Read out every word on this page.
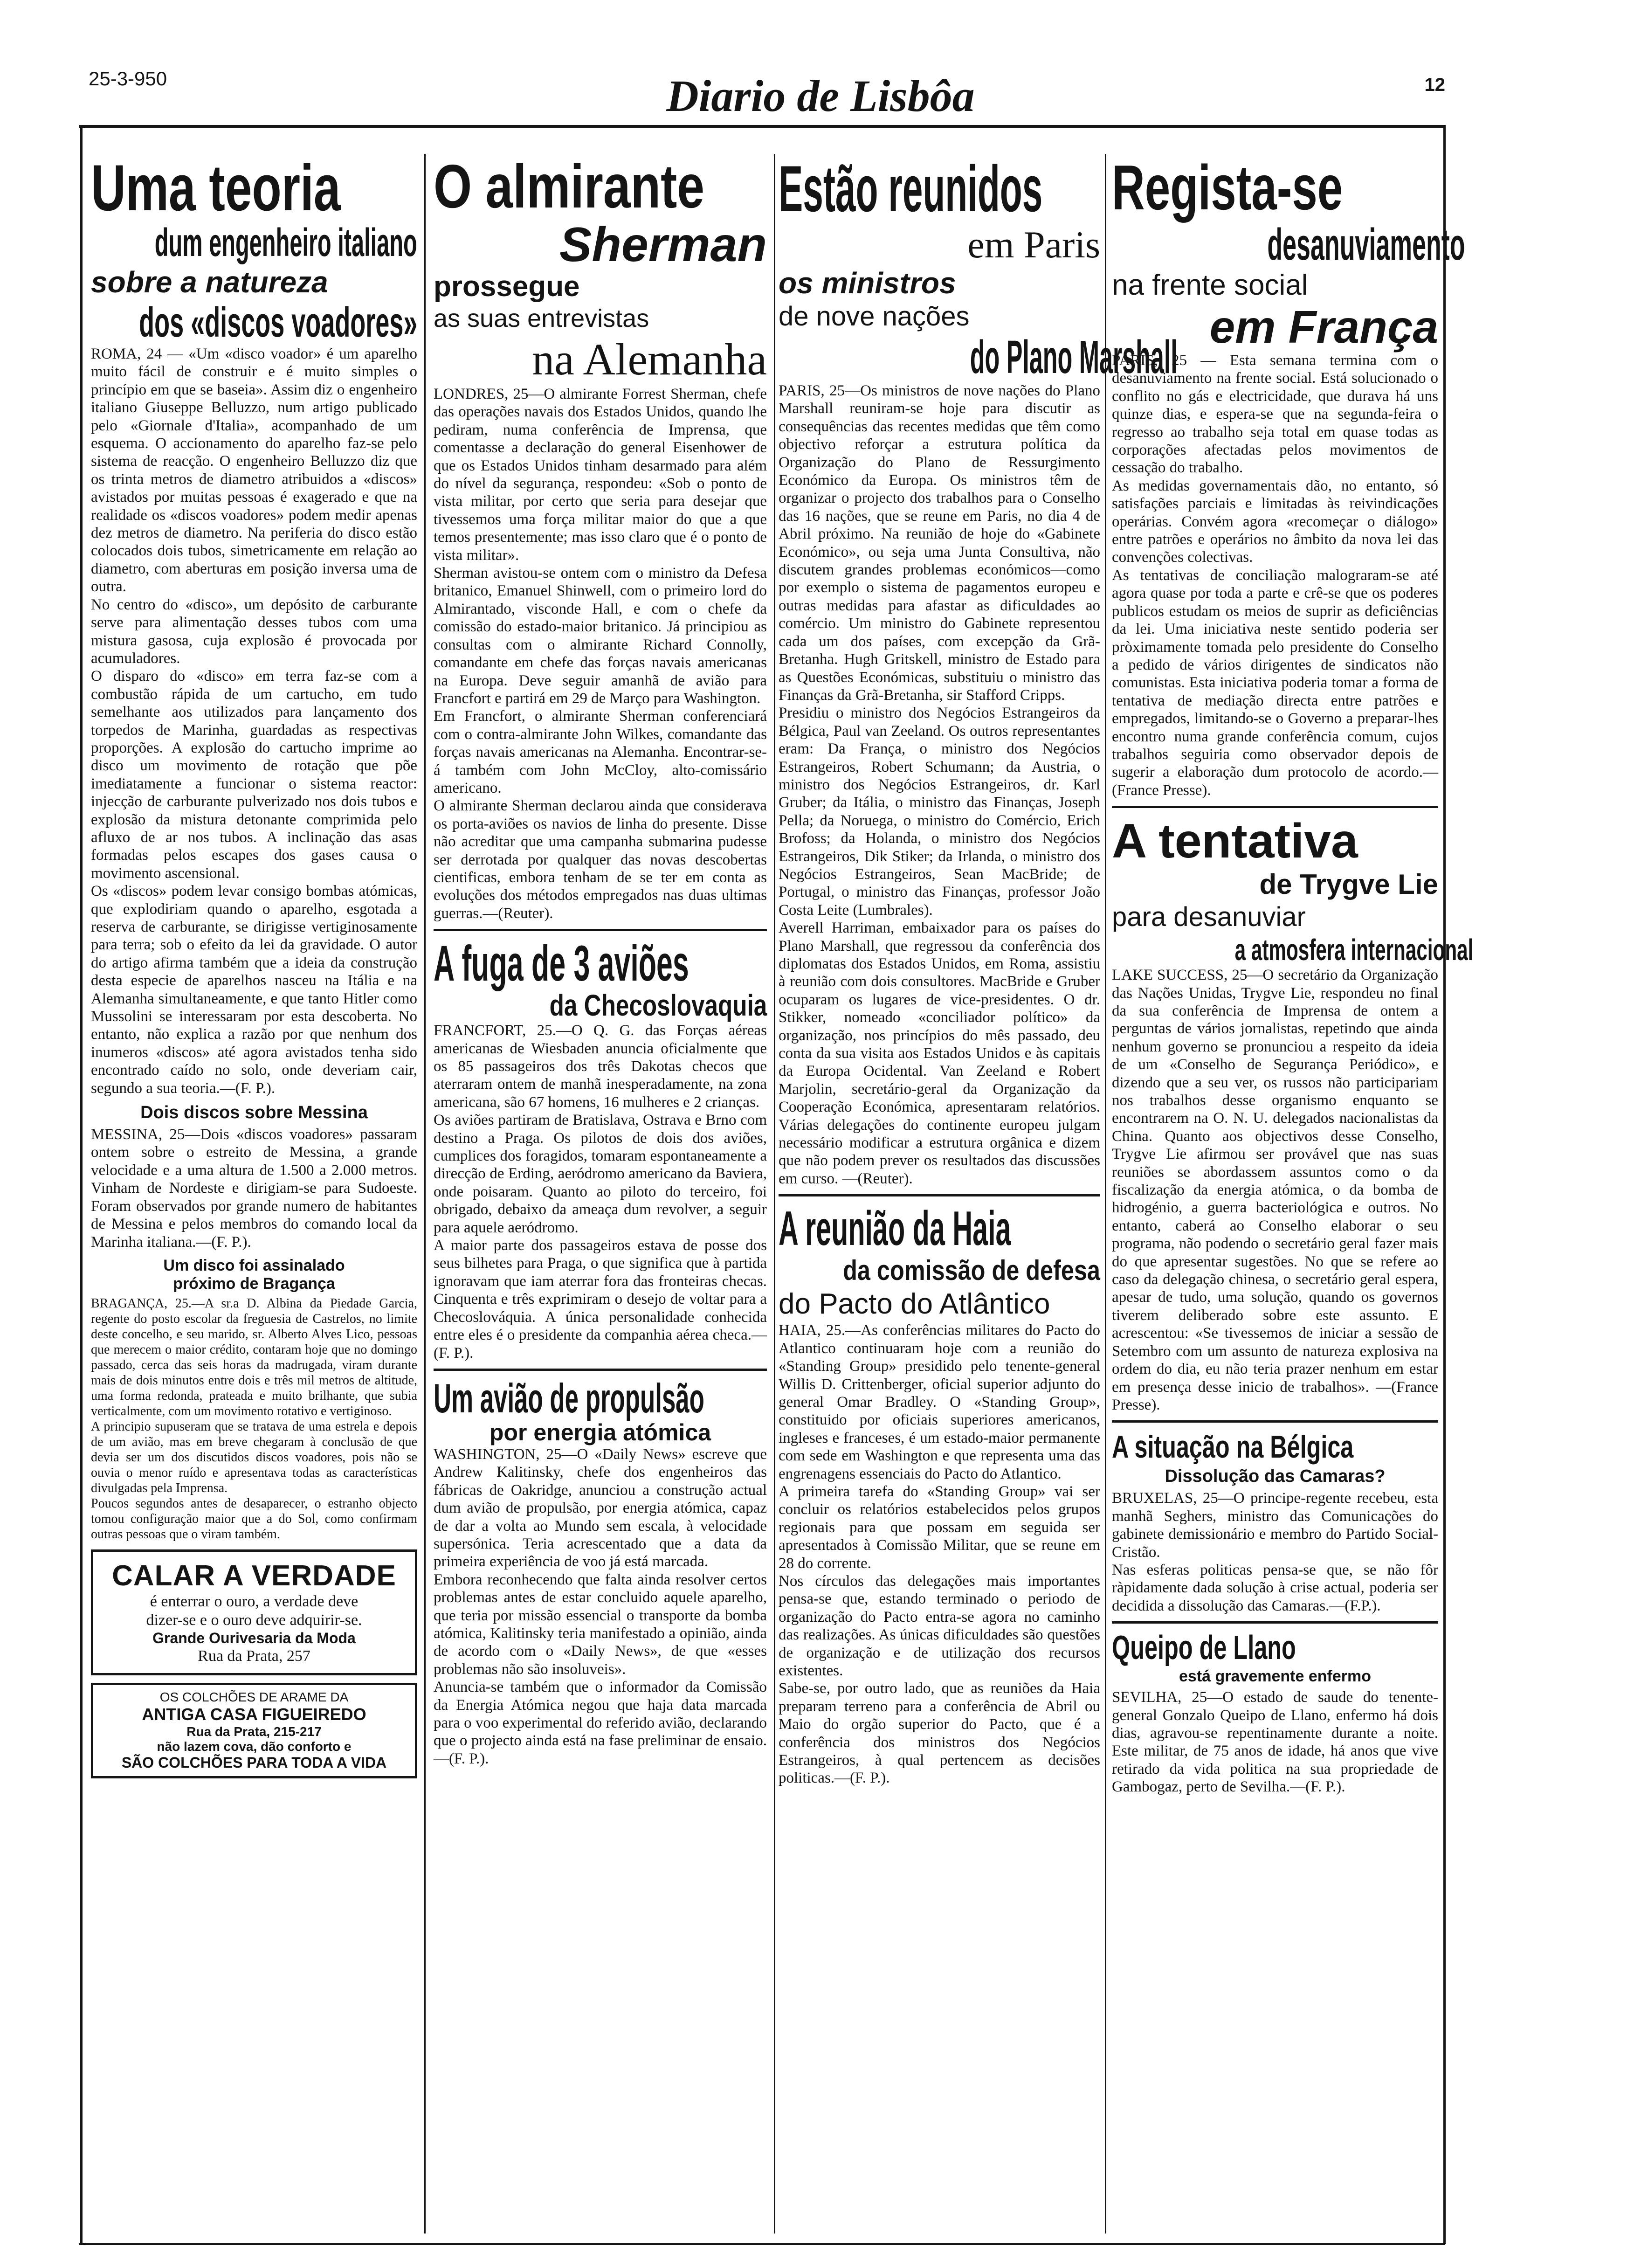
25-3-950	Diario de Lisbôa	12
Uma teoria
dum engenheiro italiano
sobre a natureza
dos «discos voadores»

ROMA, 24 — «Um «disco voador» é um aparelho muito fácil de construir e é muito simples o princípio em que se baseia». Assim diz o engenheiro italiano Giuseppe Belluzzo, num artigo publicado pelo «Giornale d'Italia», acompanhado de um esquema. O accionamento do aparelho faz-se pelo sistema de reacção. O engenheiro Belluzzo diz que os trinta metros de diametro atribuidos a «discos» avistados por muitas pessoas é exagerado e que na realidade os «discos voadores» podem medir apenas dez metros de diametro. Na periferia do disco estão colocados dois tubos, simetricamente em relação ao diametro, com aberturas em posição inversa uma de outra.
No centro do «disco», um depósito de carburante serve para alimentação desses tubos com uma mistura gasosa, cuja explosão é provocada por acumuladores.
O disparo do «disco» em terra faz-se com a combustão rápida de um cartucho, em tudo semelhante aos utilizados para lançamento dos torpedos de Marinha, guardadas as respectivas proporções. A explosão do cartucho imprime ao disco um movimento de rotação que põe imediatamente a funcionar o sistema reactor: injecção de carburante pulverizado nos dois tubos e explosão da mistura detonante comprimida pelo afluxo de ar nos tubos. A inclinação das asas formadas pelos escapes dos gases causa o movimento ascensional.
Os «discos» podem levar consigo bombas atómicas, que explodiriam quando o aparelho, esgotada a reserva de carburante, se dirigisse vertiginosamente para terra; sob o efeito da lei da gravidade. O autor do artigo afirma também que a ideia da construção desta especie de aparelhos nasceu na Itália e na Alemanha simultaneamente, e que tanto Hitler como Mussolini se interessaram por esta descoberta. No entanto, não explica a razão por que nenhum dos inumeros «discos» até agora avistados tenha sido encontrado caído no solo, onde deveriam cair, segundo a sua teoria.—(F. P.).

Dois discos sobre Messina

MESSINA, 25—Dois «discos voadores» passaram ontem sobre o estreito de Messina, a grande velocidade e a uma altura de 1.500 a 2.000 metros. Vinham de Nordeste e dirigiam-se para Sudoeste. Foram observados por grande numero de habitantes de Messina e pelos membros do comando local da Marinha italiana.—(F. P.).

Um disco foi assinalado
próximo de Bragança

BRAGANÇA, 25.—A sr.a D. Albina da Piedade Garcia, regente do posto escolar da freguesia de Castrelos, no limite deste concelho, e seu marido, sr. Alberto Alves Lico, pessoas que merecem o maior crédito, contaram hoje que no domingo passado, cerca das seis horas da madrugada, viram durante mais de dois minutos entre dois e três mil metros de altitude, uma forma redonda, prateada e muito brilhante, que subia verticalmente, com um movimento rotativo e vertiginoso.
A principio supuseram que se tratava de uma estrela e depois de um avião, mas em breve chegaram à conclusão de que devia ser um dos discutidos discos voadores, pois não se ouvia o menor ruído e apresentava todas as características divulgadas pela Imprensa.
Poucos segundos antes de desaparecer, o estranho objecto tomou configuração maior que a do Sol, como confirmam outras pessoas que o viram também.

CALAR A VERDADE
é enterrar o ouro, a verdade deve
dizer-se e o ouro deve adquirir-se.
Grande Ourivesaria da Moda
Rua da Prata, 257
OS COLCHÕES DE ARAME DA
ANTIGA CASA FIGUEIREDO
Rua da Prata, 215-217
não lazem cova, dão conforto e
SÃO COLCHÕES PARA TODA A VIDA
O almirante
Sherman
prossegue
as suas entrevistas
na Alemanha

LONDRES, 25—O almirante Forrest Sherman, chefe das operações navais dos Estados Unidos, quando lhe pediram, numa conferência de Imprensa, que comentasse a declaração do general Eisenhower de que os Estados Unidos tinham desarmado para além do nível da segurança, respondeu: «Sob o ponto de vista militar, por certo que seria para desejar que tivessemos uma força militar maior do que a que temos presentemente; mas isso claro que é o ponto de vista militar».
Sherman avistou-se ontem com o ministro da Defesa britanico, Emanuel Shinwell, com o primeiro lord do Almirantado, visconde Hall, e com o chefe da comissão do estado-maior britanico. Já principiou as consultas com o almirante Richard Connolly, comandante em chefe das forças navais americanas na Europa. Deve seguir amanhã de avião para Francfort e partirá em 29 de Março para Washington.
Em Francfort, o almirante Sherman conferenciará com o contra-almirante John Wilkes, comandante das forças navais americanas na Alemanha. Encontrar-se-á também com John McCloy, alto-comissário americano.
O almirante Sherman declarou ainda que considerava os porta-aviões os navios de linha do presente. Disse não acreditar que uma campanha submarina pudesse ser derrotada por qualquer das novas descobertas cientificas, embora tenham de se ter em conta as evoluções dos métodos empregados nas duas ultimas guerras.—(Reuter).

A fuga de 3 aviões
da Checoslovaquia

FRANCFORT, 25.—O Q. G. das Forças aéreas americanas de Wiesbaden anuncia oficialmente que os 85 passageiros dos três Dakotas checos que aterraram ontem de manhã inesperadamente, na zona americana, são 67 homens, 16 mulheres e 2 crianças.
Os aviões partiram de Bratislava, Ostrava e Brno com destino a Praga. Os pilotos de dois dos aviões, cumplices dos foragidos, tomaram espontaneamente a direcção de Erding, aeródromo americano da Baviera, onde poisaram. Quanto ao piloto do terceiro, foi obrigado, debaixo da ameaça dum revolver, a seguir para aquele aeródromo.
A maior parte dos passageiros estava de posse dos seus bilhetes para Praga, o que significa que à partida ignoravam que iam aterrar fora das fronteiras checas. Cinquenta e três exprimiram o desejo de voltar para a Checoslováquia. A única personalidade conhecida entre eles é o presidente da companhia aérea checa.—(F. P.).

Um avião de propulsão
por energia atómica

WASHINGTON, 25—O «Daily News» escreve que Andrew Kalitinsky, chefe dos engenheiros das fábricas de Oakridge, anunciou a construção actual dum avião de propulsão, por energia atómica, capaz de dar a volta ao Mundo sem escala, à velocidade supersónica. Teria acrescentado que a data da primeira experiência de voo já está marcada.
Embora reconhecendo que falta ainda resolver certos problemas antes de estar concluido aquele aparelho, que teria por missão essencial o transporte da bomba atómica, Kalitinsky teria manifestado a opinião, ainda de acordo com o «Daily News», de que «esses problemas não são insoluveis».
Anuncia-se também que o informador da Comissão da Energia Atómica negou que haja data marcada para o voo experimental do referido avião, declarando que o projecto ainda está na fase preliminar de ensaio.—(F. P.).

Estão reunidos
em Paris
os ministros
de nove nações
do Plano Marshall

PARIS, 25—Os ministros de nove nações do Plano Marshall reuniram-se hoje para discutir as consequências das recentes medidas que têm como objectivo reforçar a estrutura política da Organização do Plano de Ressurgimento Económico da Europa. Os ministros têm de organizar o projecto dos trabalhos para o Conselho das 16 nações, que se reune em Paris, no dia 4 de Abril próximo. Na reunião de hoje do «Gabinete Económico», ou seja uma Junta Consultiva, não discutem grandes problemas económicos—como por exemplo o sistema de pagamentos europeu e outras medidas para afastar as dificuldades ao comércio. Um ministro do Gabinete representou cada um dos países, com excepção da Grã-Bretanha. Hugh Gritskell, ministro de Estado para as Questões Económicas, substituiu o ministro das Finanças da Grã-Bretanha, sir Stafford Cripps.
Presidiu o ministro dos Negócios Estrangeiros da Bélgica, Paul van Zeeland. Os outros representantes eram: Da França, o ministro dos Negócios Estrangeiros, Robert Schumann; da Austria, o ministro dos Negócios Estrangeiros, dr. Karl Gruber; da Itália, o ministro das Finanças, Joseph Pella; da Noruega, o ministro do Comércio, Erich Brofoss; da Holanda, o ministro dos Negócios Estrangeiros, Dik Stiker; da Irlanda, o ministro dos Negócios Estrangeiros, Sean MacBride; de Portugal, o ministro das Finanças, professor João Costa Leite (Lumbrales).
Averell Harriman, embaixador para os países do Plano Marshall, que regressou da conferência dos diplomatas dos Estados Unidos, em Roma, assistiu à reunião com dois consultores. MacBride e Gruber ocuparam os lugares de vice-presidentes. O dr. Stikker, nomeado «conciliador político» da organização, nos princípios do mês passado, deu conta da sua visita aos Estados Unidos e às capitais da Europa Ocidental. Van Zeeland e Robert Marjolin, secretário-geral da Organização da Cooperação Económica, apresentaram relatórios. Várias delegações do continente europeu julgam necessário modificar a estrutura orgânica e dizem que não podem prever os resultados das discussões em curso. —(Reuter).

A reunião da Haia
da comissão de defesa
do Pacto do Atlântico

HAIA, 25.—As conferências militares do Pacto do Atlantico continuaram hoje com a reunião do «Standing Group» presidido pelo tenente-general Willis D. Crittenberger, oficial superior adjunto do general Omar Bradley. O «Standing Group», constituido por oficiais superiores americanos, ingleses e franceses, é um estado-maior permanente com sede em Washington e que representa uma das engrenagens essenciais do Pacto do Atlantico.
A primeira tarefa do «Standing Group» vai ser concluir os relatórios estabelecidos pelos grupos regionais para que possam em seguida ser apresentados à Comissão Militar, que se reune em 28 do corrente.
Nos círculos das delegações mais importantes pensa-se que, estando terminado o periodo de organização do Pacto entra-se agora no caminho das realizações. As únicas dificuldades são questões de organização e de utilização dos recursos existentes.
Sabe-se, por outro lado, que as reuniões da Haia preparam terreno para a conferência de Abril ou Maio do orgão superior do Pacto, que é a conferência dos ministros dos Negócios Estrangeiros, à qual pertencem as decisões politicas.—(F. P.).

Regista-se
desanuviamento
na frente social
em França

PARIS, 25 — Esta semana termina com o desanuviamento na frente social. Está solucionado o conflito no gás e electricidade, que durava há uns quinze dias, e espera-se que na segunda-feira o regresso ao trabalho seja total em quase todas as corporações afectadas pelos movimentos de cessação do trabalho.
As medidas governamentais dão, no entanto, só satisfações parciais e limitadas às reivindicações operárias. Convém agora «recomeçar o diálogo» entre patrões e operários no âmbito da nova lei das convenções colectivas.
As tentativas de conciliação malograram-se até agora quase por toda a parte e crê-se que os poderes publicos estudam os meios de suprir as deficiências da lei. Uma iniciativa neste sentido poderia ser pròximamente tomada pelo presidente do Conselho a pedido de vários dirigentes de sindicatos não comunistas. Esta iniciativa poderia tomar a forma de tentativa de mediação directa entre patrões e empregados, limitando-se o Governo a preparar-lhes encontro numa grande conferência comum, cujos trabalhos seguiria como observador depois de sugerir a elaboração dum protocolo de acordo.—(France Presse).

A tentativa
de Trygve Lie
para desanuviar
a atmosfera internacional

LAKE SUCCESS, 25—O secretário da Organização das Nações Unidas, Trygve Lie, respondeu no final da sua conferência de Imprensa de ontem a perguntas de vários jornalistas, repetindo que ainda nenhum governo se pronunciou a respeito da ideia de um «Conselho de Segurança Periódico», e dizendo que a seu ver, os russos não participariam nos trabalhos desse organismo enquanto se encontrarem na O. N. U. delegados nacionalistas da China. Quanto aos objectivos desse Conselho, Trygve Lie afirmou ser provável que nas suas reuniões se abordassem assuntos como o da fiscalização da energia atómica, o da bomba de hidrogénio, a guerra bacteriológica e outros. No entanto, caberá ao Conselho elaborar o seu programa, não podendo o secretário geral fazer mais do que apresentar sugestões. No que se refere ao caso da delegação chinesa, o secretário geral espera, apesar de tudo, uma solução, quando os governos tiverem deliberado sobre este assunto. E acrescentou: «Se tivessemos de iniciar a sessão de Setembro com um assunto de natureza explosiva na ordem do dia, eu não teria prazer nenhum em estar em presença desse inicio de trabalhos». —(France Presse).

A situação na Bélgica
Dissolução das Camaras?

BRUXELAS, 25—O principe-regente recebeu, esta manhã Seghers, ministro das Comunicações do gabinete demissionário e membro do Partido Social-Cristão.
Nas esferas politicas pensa-se que, se não fôr ràpidamente dada solução à crise actual, poderia ser decidida a dissolução das Camaras.—(F.P.).

Queipo de Llano
está gravemente enfermo

SEVILHA, 25—O estado de saude do tenente-general Gonzalo Queipo de Llano, enfermo há dois dias, agravou-se repentinamente durante a noite. Este militar, de 75 anos de idade, há anos que vive retirado da vida politica na sua propriedade de Gambogaz, perto de Sevilha.—(F. P.).
